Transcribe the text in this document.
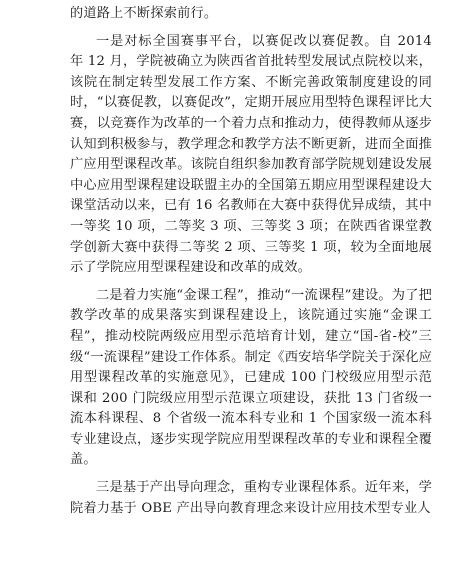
的道路上不断探索前行。

一是对标全国赛事平台，以赛促改以赛促教。自 2014 年 12 月，学院被确立为陕西省首批转型发展试点院校以来，该院在制定转型发展工作方案、不断完善政策制度建设的同时，“以赛促教，以赛促改”，定期开展应用型特色课程评比大赛，以竞赛作为改革的一个着力点和推动力，使得教师从逐步认知到积极参与，教学理念和教学方法不断更新，进而全面推广应用型课程改革。该院自组织参加教育部学院规划建设发展中心应用型课程建设联盟主办的全国第五期应用型课程建设大课堂活动以来，已有 16 名教师在大赛中获得优异成绩，其中一等奖 10 项，二等奖 3 项、三等奖 3 项；在陕西省课堂教学创新大赛中获得二等奖 2 项、三等奖 1 项，较为全面地展示了学院应用型课程建设和改革的成效。

二是着力实施“金课工程”，推动“一流课程”建设。为了把教学改革的成果落实到课程建设上，该院通过实施“金课工程”，推动校院两级应用型示范培育计划，建立“国-省-校”三级“一流课程”建设工作体系。制定《西安培华学院关于深化应用型课程改革的实施意见》，已建成 100 门校级应用型示范课和 200 门院级应用型示范课立项建设，获批 13 门省级一流本科课程、8 个省级一流本科专业和 1 个国家级一流本科专业建设点，逐步实现学院应用型课程改革的专业和课程全覆盖。

三是基于产出导向理念，重构专业课程体系。近年来，学院着力基于 OBE 产出导向教育理念来设计应用技术型专业人
